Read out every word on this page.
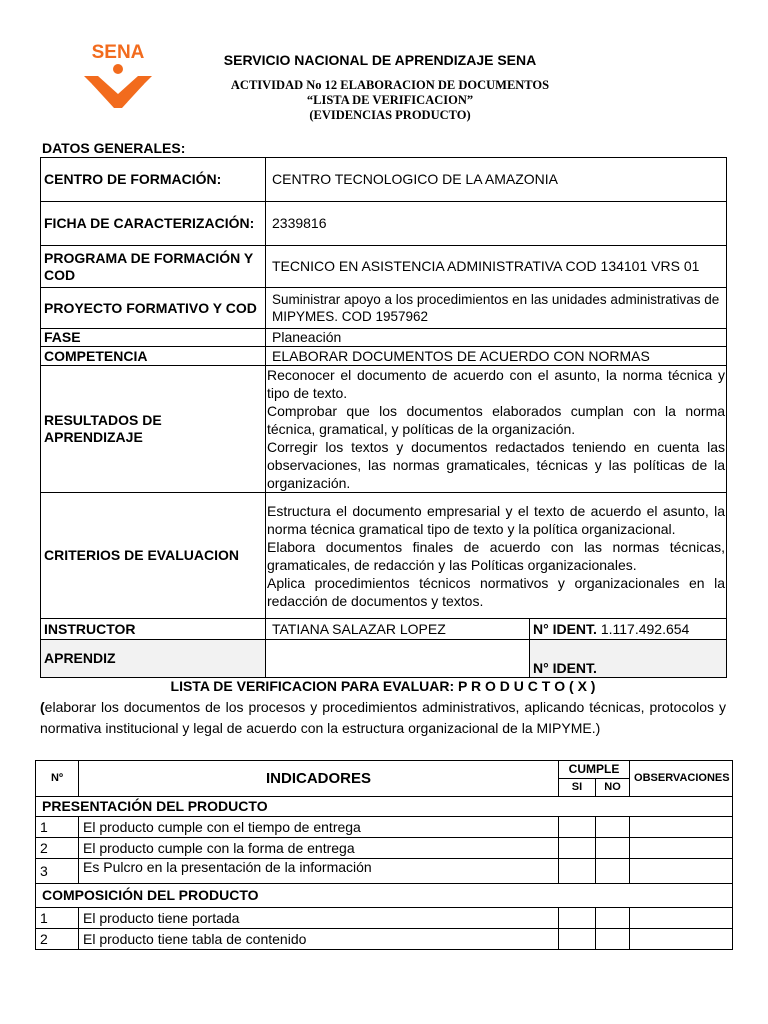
SENA	SERVICIO NACIONAL DE APRENDIZAJE SENA
ACTIVIDAD No 12 ELABORACION DE DOCUMENTOS
“LISTA DE VERIFICACION”
(EVIDENCIAS PRODUCTO)
DATOS GENERALES:
CENTRO DE FORMACIÓN:	CENTRO TECNOLOGICO DE LA AMAZONIA	
FICHA DE CARACTERIZACIÓN:	2339816	
PROGRAMA DE FORMACIÓN Y COD	TECNICO EN ASISTENCIA ADMINISTRATIVA COD 134101 VRS 01	
PROYECTO FORMATIVO Y COD	Suministrar apoyo a los procedimientos en las unidades administrativas de MIPYMES. COD 1957962	
FASE	Planeación	
COMPETENCIA	ELABORAR DOCUMENTOS DE ACUERDO CON NORMAS	
RESULTADOS DE APRENDIZAJE	Reconocer el documento de acuerdo con el asunto, la norma técnica y tipo de texto.
Comprobar que los documentos elaborados cumplan con la norma técnica, gramatical, y políticas de la organización.
Corregir los textos y documentos redactados teniendo en cuenta las observaciones, las normas gramaticales, técnicas y las políticas de la organización.	

CRITERIOS DE EVALUACION	Estructura el documento empresarial y el texto de acuerdo el asunto, la norma técnica gramatical tipo de texto y la política organizacional.
Elabora documentos finales de acuerdo con las normas técnicas, gramaticales, de redacción y las Políticas organizacionales.
Aplica procedimientos técnicos normativos y organizacionales en la redacción de documentos y textos.	

INSTRUCTOR	TATIANA SALAZAR LOPEZ	N° IDENT. 1.117.492.654
APRENDIZ		N° IDENT.
LISTA DE VERIFICACION PARA EVALUAR: P R O D U C T O ( X )
(elaborar los documentos de los procesos y procedimientos administrativos, aplicando técnicas, protocolos y normativa institucional y legal de acuerdo con la estructura organizacional de la MIPYME.)
Nº	INDICADORES	CUMPLE		OBSERVACIONES
		SI	NO	
PRESENTACIÓN DEL PRODUCTO				
1	El producto cumple con el tiempo de entrega			
2	El producto cumple con la forma de entrega			
3	Es Pulcro en la presentación de la información			
COMPOSICIÓN DEL PRODUCTO				
1	El producto tiene portada			
2	El producto tiene tabla de contenido			
